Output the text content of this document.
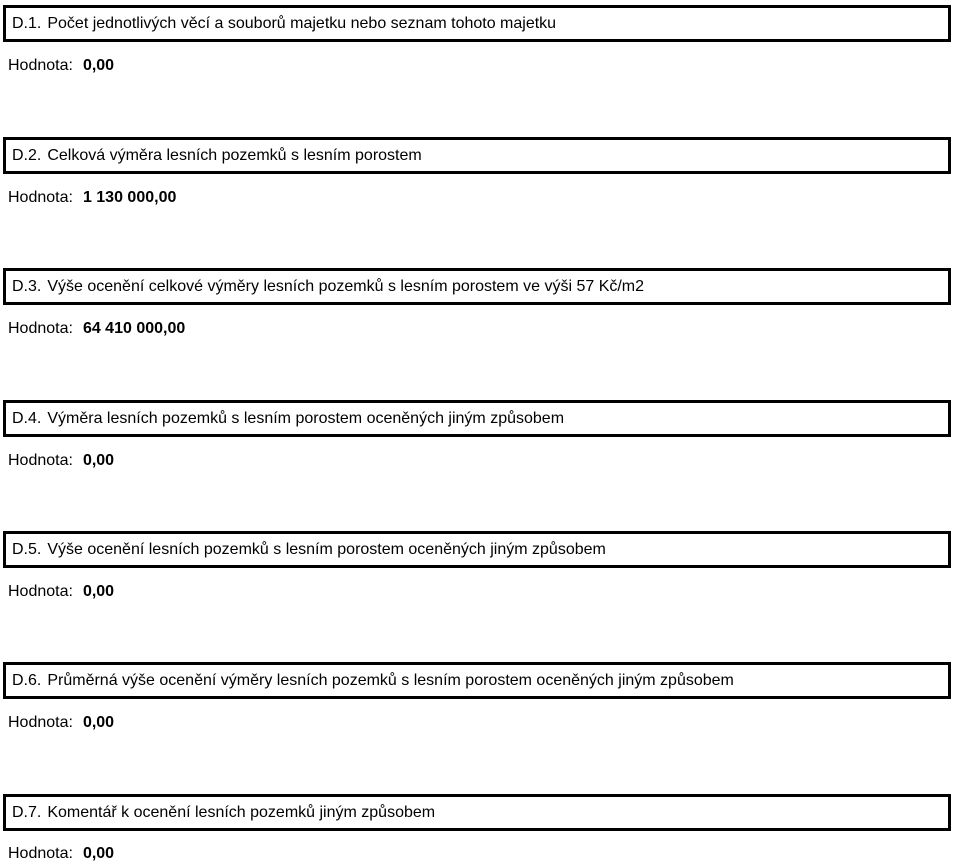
D.1. Počet jednotlivých věcí a souborů majetku nebo seznam tohoto majetku
Hodnota: 0,00
D.2. Celková výměra lesních pozemků s lesním porostem
Hodnota: 1 130 000,00
D.3. Výše ocenění celkové výměry lesních pozemků s lesním porostem ve výši 57 Kč/m2
Hodnota: 64 410 000,00
D.4. Výměra lesních pozemků s lesním porostem oceněných jiným způsobem
Hodnota: 0,00
D.5. Výše ocenění lesních pozemků s lesním porostem oceněných jiným způsobem
Hodnota: 0,00
D.6. Průměrná výše ocenění výměry lesních pozemků s lesním porostem oceněných jiným způsobem
Hodnota: 0,00
D.7. Komentář k ocenění lesních pozemků jiným způsobem
Hodnota: 0,00
